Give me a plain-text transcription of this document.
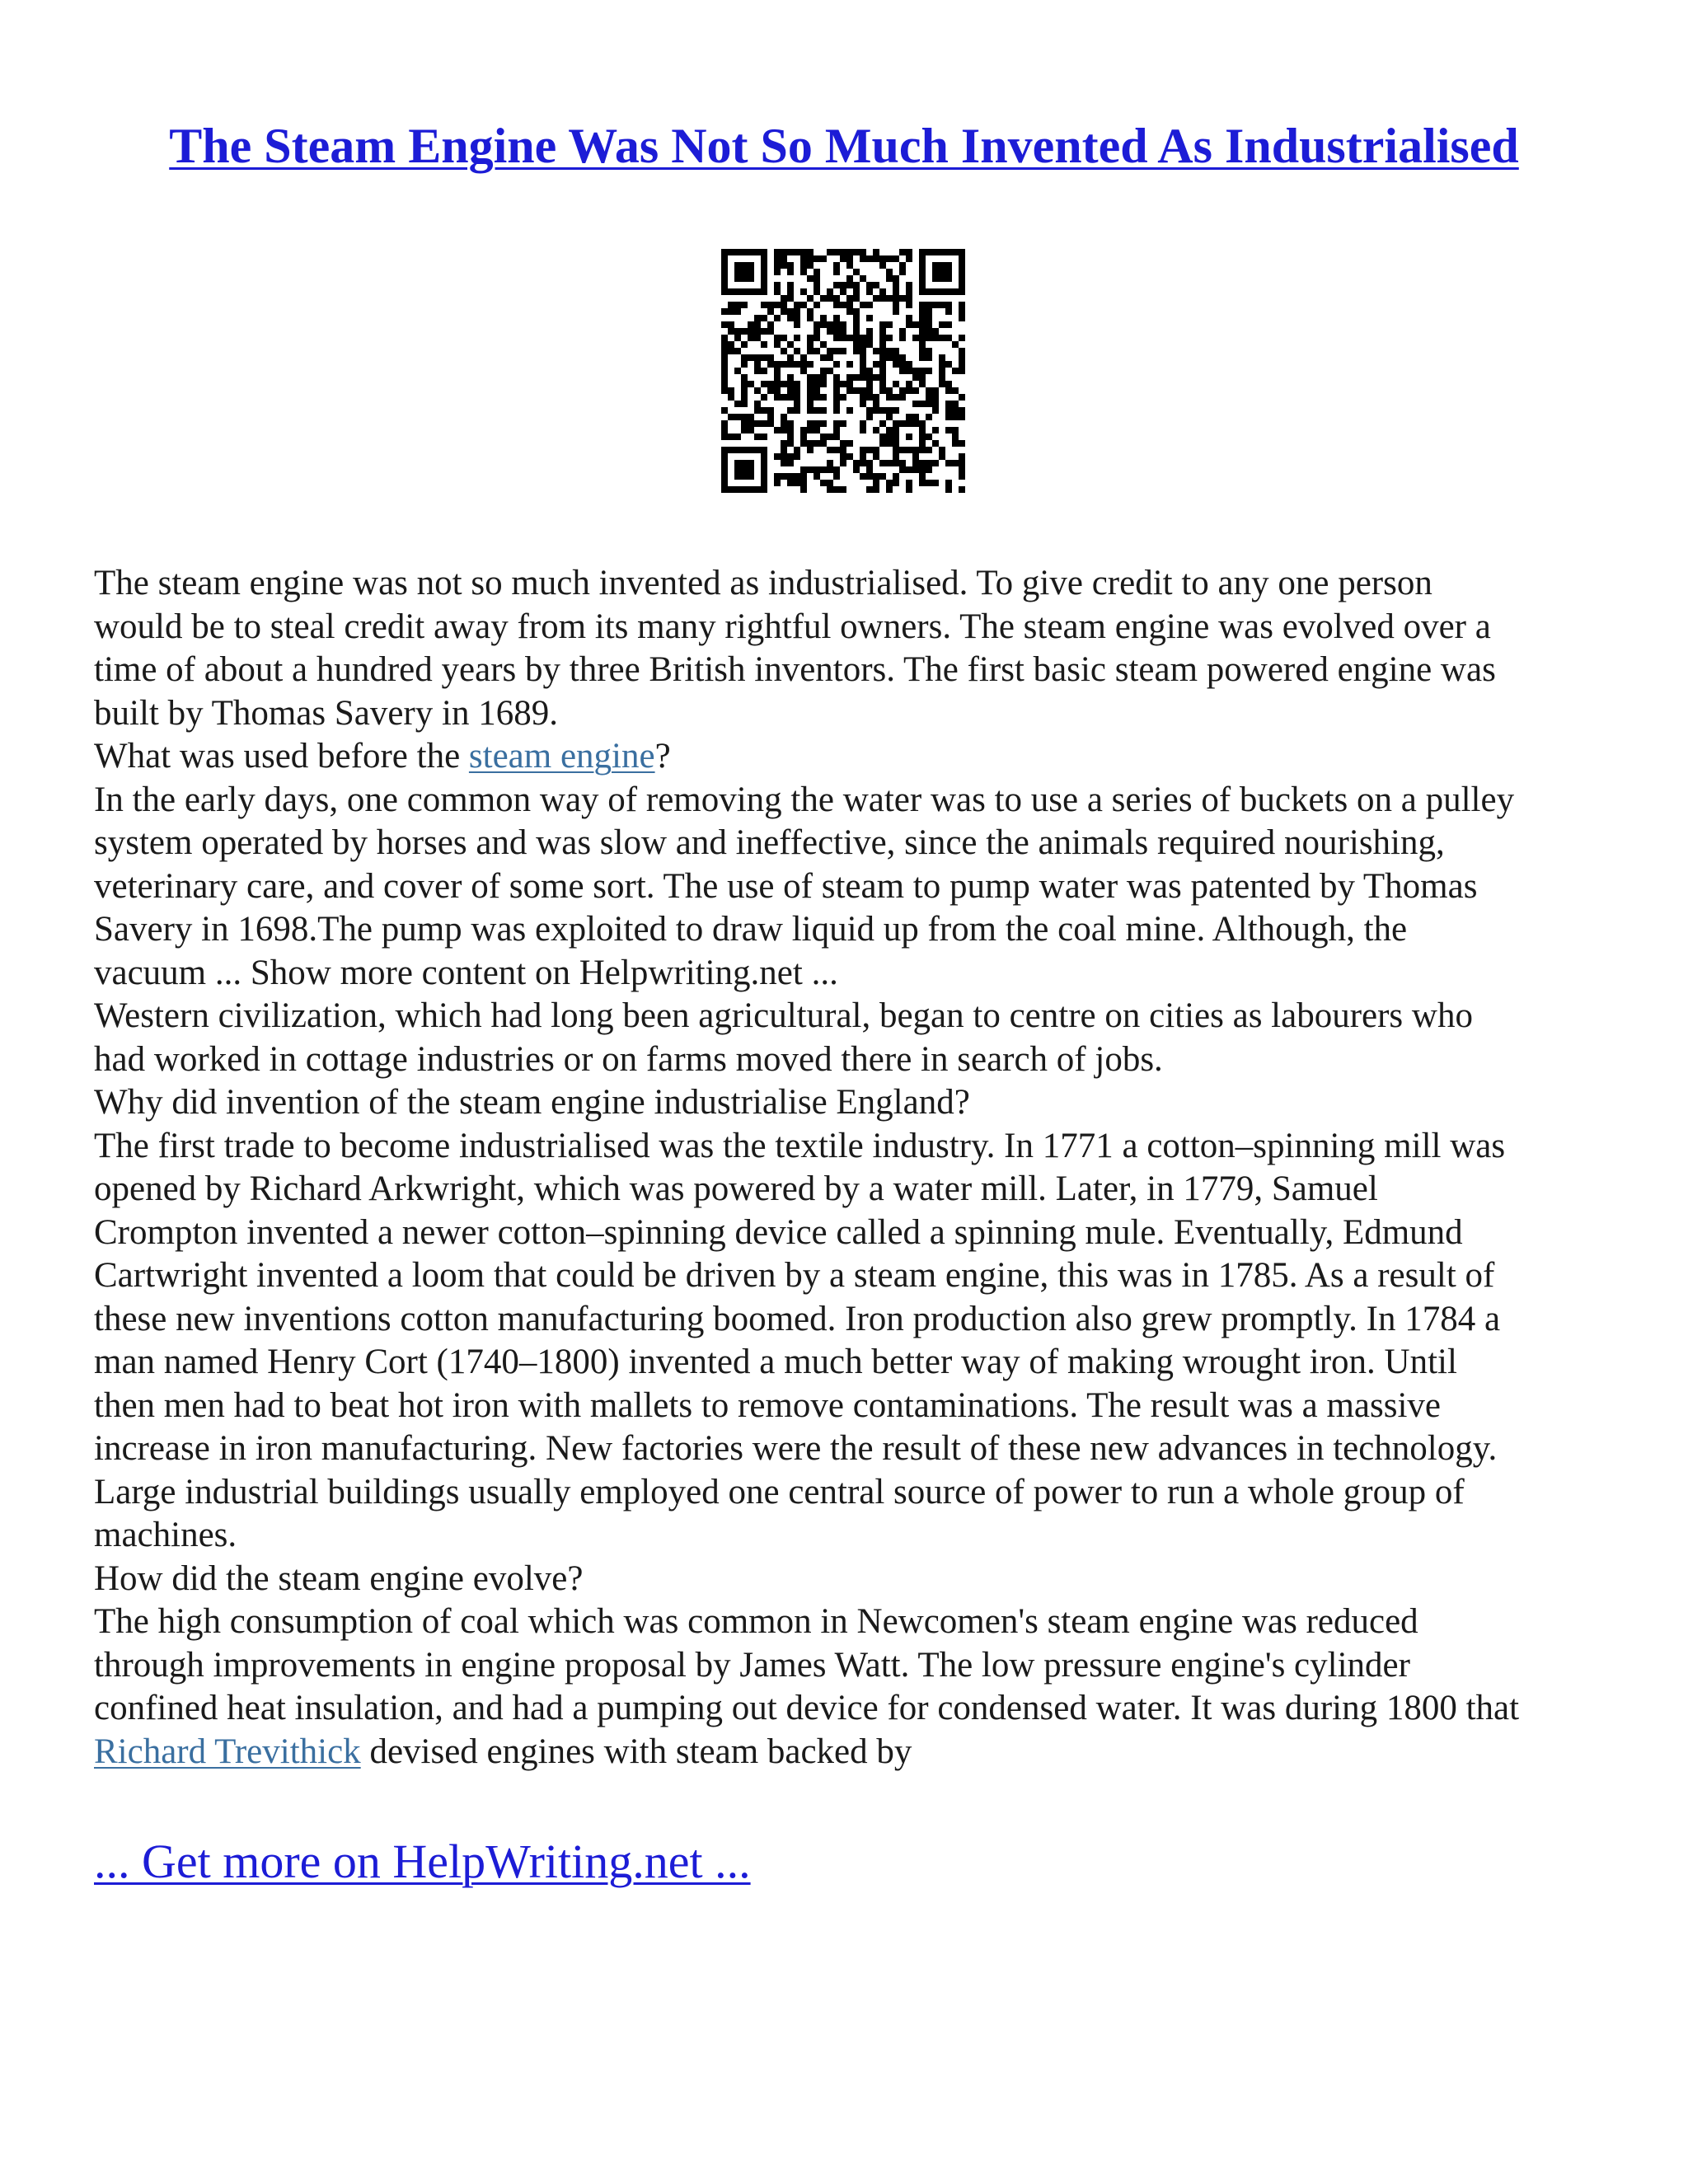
The Steam Engine Was Not So Much Invented As Industrialised
The steam engine was not so much invented as industrialised. To give credit to any one person
would be to steal credit away from its many rightful owners. The steam engine was evolved over a
time of about a hundred years by three British inventors. The first basic steam powered engine was
built by Thomas Savery in 1689.
What was used before the steam engine?
In the early days, one common way of removing the water was to use a series of buckets on a pulley
system operated by horses and was slow and ineffective, since the animals required nourishing,
veterinary care, and cover of some sort. The use of steam to pump water was patented by Thomas
Savery in 1698.The pump was exploited to draw liquid up from the coal mine. Although, the
vacuum ... Show more content on Helpwriting.net ...
Western civilization, which had long been agricultural, began to centre on cities as labourers who
had worked in cottage industries or on farms moved there in search of jobs.
Why did invention of the steam engine industrialise England?
The first trade to become industrialised was the textile industry. In 1771 a cotton–spinning mill was
opened by Richard Arkwright, which was powered by a water mill. Later, in 1779, Samuel
Crompton invented a newer cotton–spinning device called a spinning mule. Eventually, Edmund
Cartwright invented a loom that could be driven by a steam engine, this was in 1785. As a result of
these new inventions cotton manufacturing boomed. Iron production also grew promptly. In 1784 a
man named Henry Cort (1740–1800) invented a much better way of making wrought iron. Until
then men had to beat hot iron with mallets to remove contaminations. The result was a massive
increase in iron manufacturing. New factories were the result of these new advances in technology.
Large industrial buildings usually employed one central source of power to run a whole group of
machines.
How did the steam engine evolve?
The high consumption of coal which was common in Newcomen's steam engine was reduced
through improvements in engine proposal by James Watt. The low pressure engine's cylinder
confined heat insulation, and had a pumping out device for condensed water. It was during 1800 that
Richard Trevithick devised engines with steam backed by
... Get more on HelpWriting.net ...
